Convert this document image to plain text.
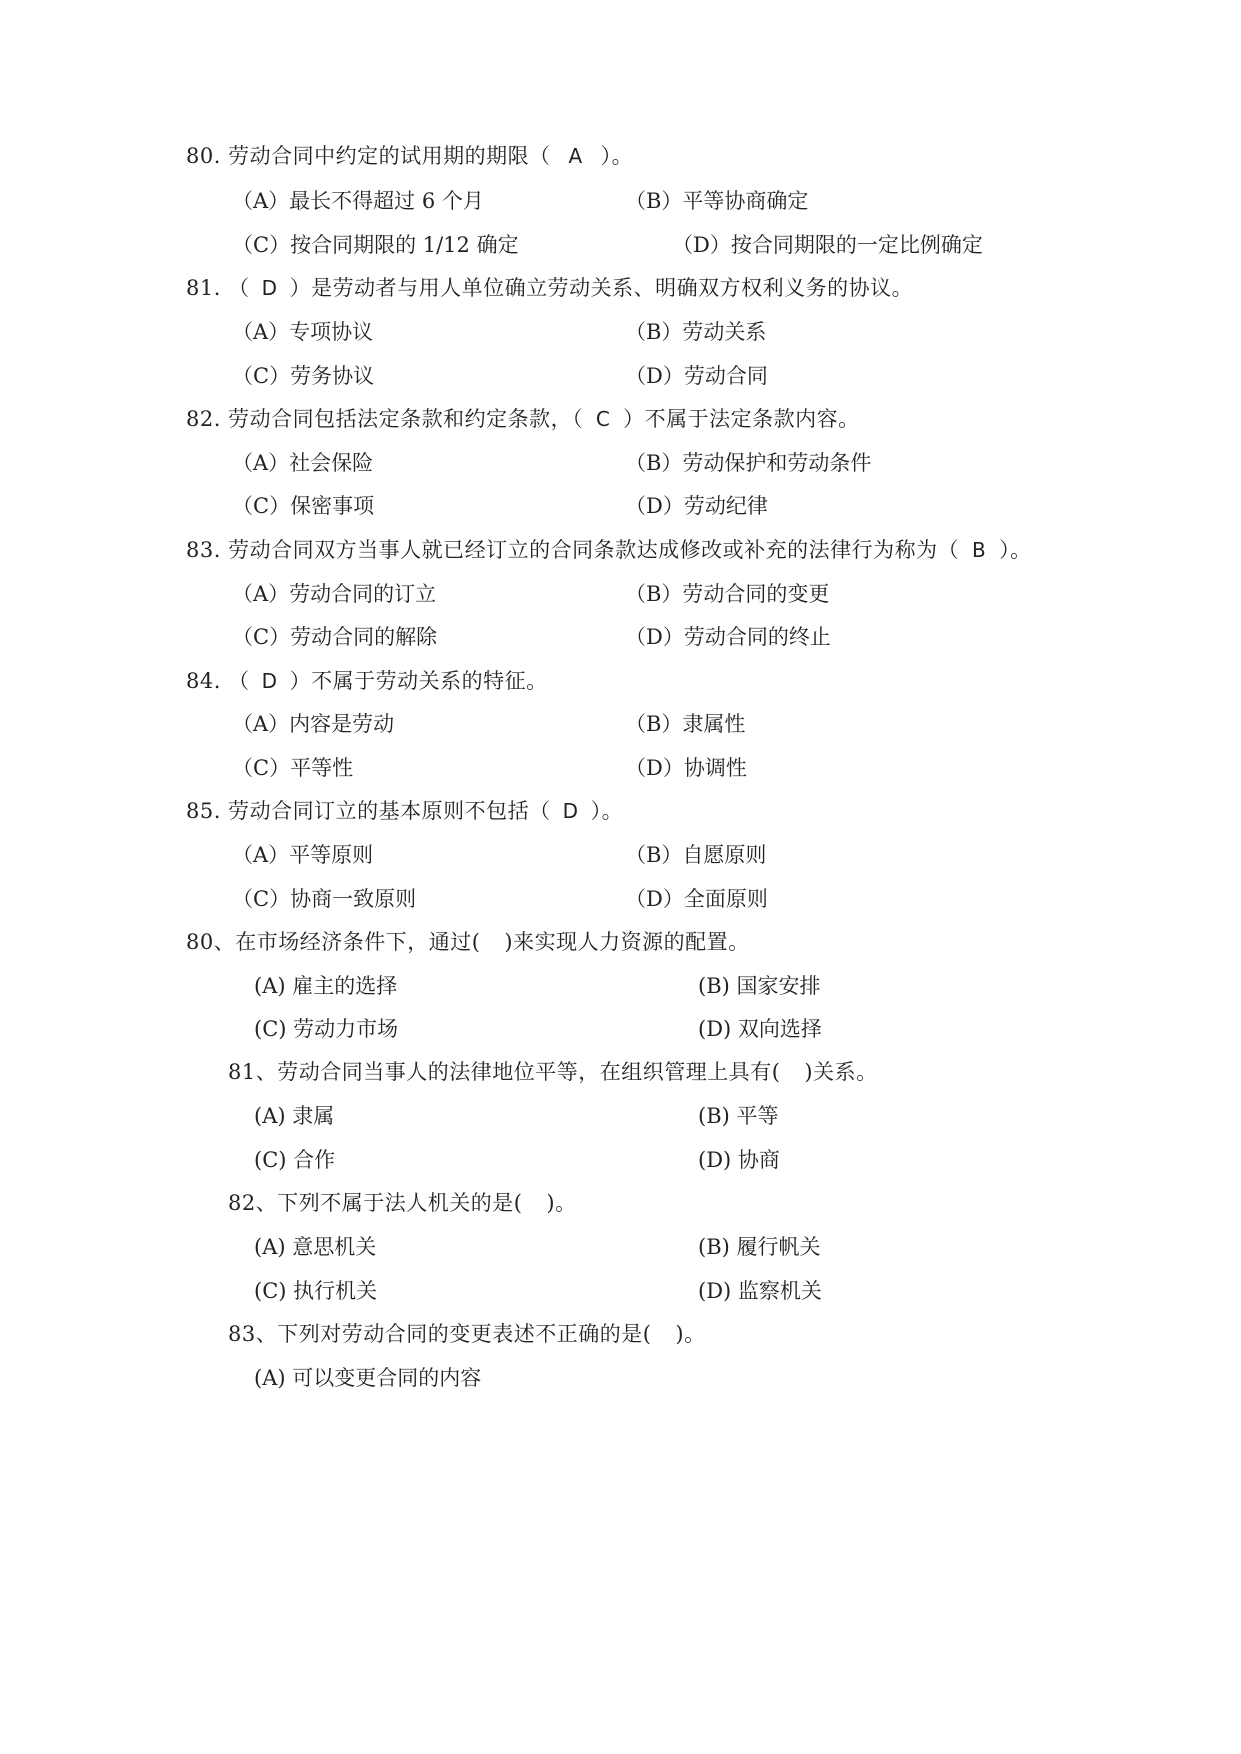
80. 劳动合同中约定的试用期的期限（ A ）。
（A）最长不得超过 6 个月	（B）平等协商确定
（C）按合同期限的 1/12 确定	（D）按合同期限的一定比例确定
81. （ D ）是劳动者与用人单位确立劳动关系、明确双方权利义务的协议。
（A）专项协议	（B）劳动关系
（C）劳务协议	（D）劳动合同
82. 劳动合同包括法定条款和约定条款，（ C ）不属于法定条款内容。
（A）社会保险	（B）劳动保护和劳动条件
（C）保密事项	（D）劳动纪律
83. 劳动合同双方当事人就已经订立的合同条款达成修改或补充的法律行为称为（ B ）。
（A）劳动合同的订立	（B）劳动合同的变更
（C）劳动合同的解除	（D）劳动合同的终止
84. （ D ）不属于劳动关系的特征。
（A）内容是劳动	（B）隶属性
（C）平等性	（D）协调性
85. 劳动合同订立的基本原则不包括（ D ）。
（A）平等原则	（B）自愿原则
（C）协商一致原则	（D）全面原则
80、在市场经济条件下，通过( )来实现人力资源的配置。
(A) 雇主的选择	(B) 国家安排
(C) 劳动力市场	(D) 双向选择
81、劳动合同当事人的法律地位平等，在组织管理上具有( )关系。
(A) 隶属	(B) 平等
(C) 合作	(D) 协商
82、下列不属于法人机关的是( )。
(A) 意思机关	(B) 履行帆关
(C) 执行机关	(D) 监察机关
83、下列对劳动合同的变更表述不正确的是( )。
(A) 可以变更合同的内容
